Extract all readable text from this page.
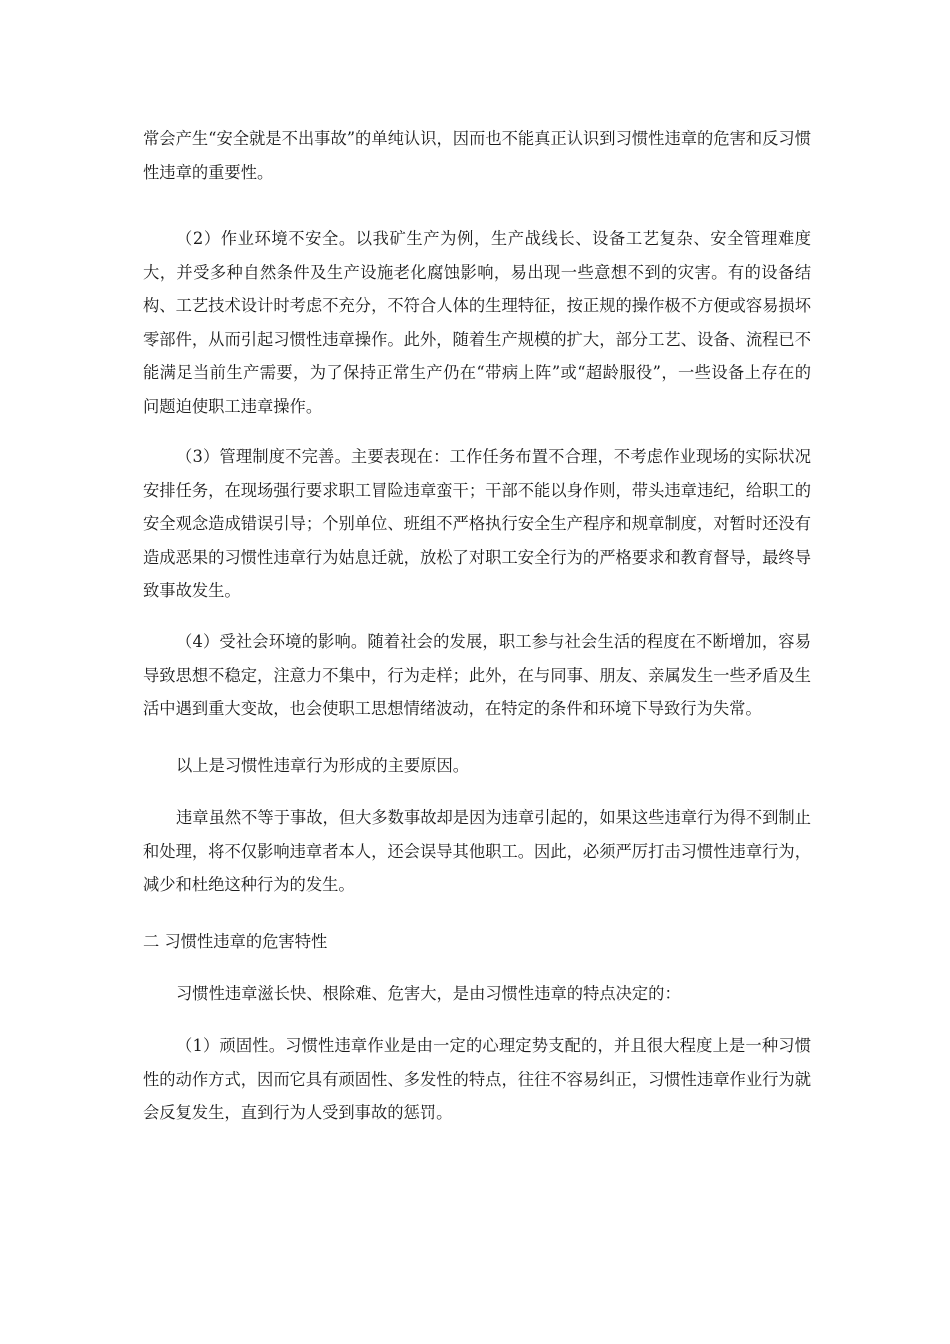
常会产生“安全就是不出事故”的单纯认识，因而也不能真正认识到习惯性违章的危害和反习惯性违章的重要性。

（2）作业环境不安全。以我矿生产为例，生产战线长、设备工艺复杂、安全管理难度大，并受多种自然条件及生产设施老化腐蚀影响，易出现一些意想不到的灾害。有的设备结构、工艺技术设计时考虑不充分，不符合人体的生理特征，按正规的操作极不方便或容易损坏零部件，从而引起习惯性违章操作。此外，随着生产规模的扩大，部分工艺、设备、流程已不能满足当前生产需要，为了保持正常生产仍在“带病上阵”或“超龄服役”，一些设备上存在的问题迫使职工违章操作。

（3）管理制度不完善。主要表现在：工作任务布置不合理，不考虑作业现场的实际状况安排任务，在现场强行要求职工冒险违章蛮干；干部不能以身作则，带头违章违纪，给职工的安全观念造成错误引导；个别单位、班组不严格执行安全生产程序和规章制度，对暂时还没有造成恶果的习惯性违章行为姑息迁就，放松了对职工安全行为的严格要求和教育督导，最终导致事故发生。

（4）受社会环境的影响。随着社会的发展，职工参与社会生活的程度在不断增加，容易导致思想不稳定，注意力不集中，行为走样；此外，在与同事、朋友、亲属发生一些矛盾及生活中遇到重大变故，也会使职工思想情绪波动，在特定的条件和环境下导致行为失常。

以上是习惯性违章行为形成的主要原因。

违章虽然不等于事故，但大多数事故却是因为违章引起的，如果这些违章行为得不到制止和处理，将不仅影响违章者本人，还会误导其他职工。因此，必须严厉打击习惯性违章行为，减少和杜绝这种行为的发生。

二 习惯性违章的危害特性

习惯性违章滋长快、根除难、危害大，是由习惯性违章的特点决定的：

（1）顽固性。习惯性违章作业是由一定的心理定势支配的，并且很大程度上是一种习惯性的动作方式，因而它具有顽固性、多发性的特点，往往不容易纠正，习惯性违章作业行为就会反复发生，直到行为人受到事故的惩罚。
